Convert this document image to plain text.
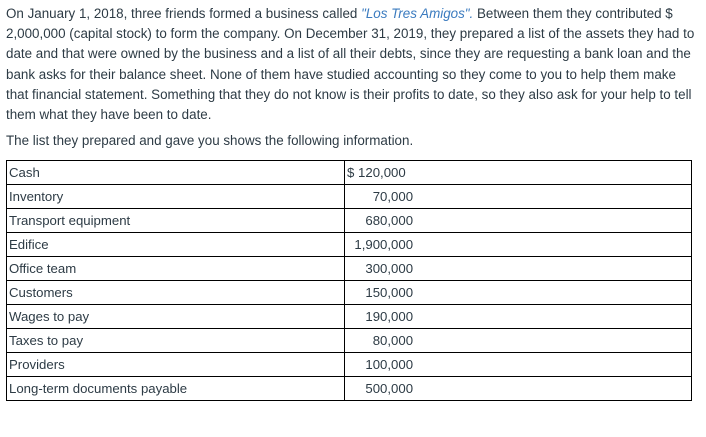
On January 1, 2018, three friends formed a business called "Los Tres Amigos". Between them they contributed $ 2,000,000 (capital stock) to form the company. On December 31, 2019, they prepared a list of the assets they had to date and that were owned by the business and a list of all their debts, since they are requesting a bank loan and the bank asks for their balance sheet. None of them have studied accounting so they come to you to help them make that financial statement. Something that they do not know is their profits to date, so they also ask for your help to tell them what they have been to date.

The list they prepared and gave you shows the following information.

Cash	$ 120,000
Inventory	70,000
Transport equipment	680,000
Edifice	1,900,000
Office team	300,000
Customers	150,000
Wages to pay	190,000
Taxes to pay	80,000
Providers	100,000
Long-term documents payable	500,000
